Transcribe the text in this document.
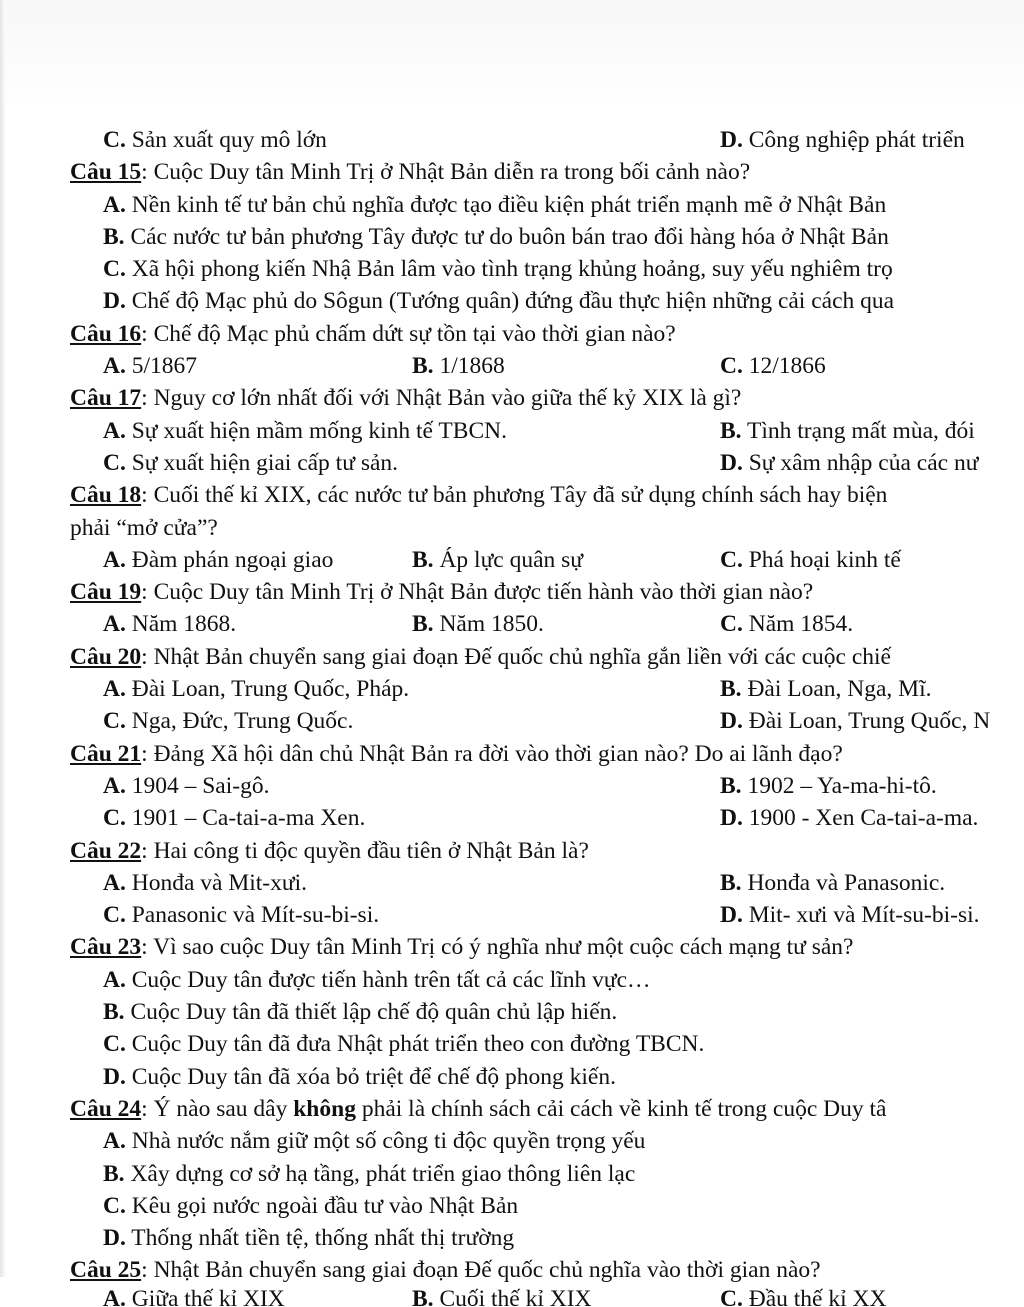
C. Sản xuất quy mô lớn	D. Công nghiệp phát triển
Câu 15: Cuộc Duy tân Minh Trị ở Nhật Bản diễn ra trong bối cảnh nào?
A. Nền kinh tế tư bản chủ nghĩa được tạo điều kiện phát triển mạnh mẽ ở Nhật Bản
B. Các nước tư bản phương Tây được tư do buôn bán trao đổi hàng hóa ở Nhật Bản
C. Xã hội phong kiến Nhậ Bản lâm vào tình trạng khủng hoảng, suy yếu nghiêm trọ
D. Chế độ Mạc phủ do Sôgun (Tướng quân) đứng đầu thực hiện những cải cách qua
Câu 16: Chế độ Mạc phủ chấm dứt sự tồn tại vào thời gian nào?
A. 5/1867	B. 1/1868	C. 12/1866
Câu 17: Nguy cơ lớn nhất đối với Nhật Bản vào giữa thế kỷ XIX là gì?
A. Sự xuất hiện mầm mống kinh tế TBCN.	B. Tình trạng mất mùa, đói
C. Sự xuất hiện giai cấp tư sản.	D. Sự xâm nhập của các nư
Câu 18: Cuối thế kỉ XIX, các nước tư bản phương Tây đã sử dụng chính sách hay biện
phải “mở cửa”?
A. Đàm phán ngoại giao	B. Áp lực quân sự	C. Phá hoại kinh tế
Câu 19: Cuộc Duy tân Minh Trị ở Nhật Bản được tiến hành vào thời gian nào?
A. Năm 1868.	B. Năm 1850.	C. Năm 1854.
Câu 20: Nhật Bản chuyển sang giai đoạn Đế quốc chủ nghĩa gắn liền với các cuộc chiế
A. Đài Loan, Trung Quốc, Pháp.	B. Đài Loan, Nga, Mĩ.
C. Nga, Đức, Trung Quốc.	D. Đài Loan, Trung Quốc, N
Câu 21: Đảng Xã hội dân chủ Nhật Bản ra đời vào thời gian nào? Do ai lãnh đạo?
A. 1904 – Sai-gô.	B. 1902 – Ya-ma-hi-tô.
C. 1901 – Ca-tai-a-ma Xen.	D. 1900 - Xen Ca-tai-a-ma.
Câu 22: Hai công ti độc quyền đầu tiên ở Nhật Bản là?
A. Honđa và Mit-xưi.	B. Honđa và Panasonic.
C. Panasonic và Mít-su-bi-si.	D. Mit- xưi và Mít-su-bi-si.
Câu 23: Vì sao cuộc Duy tân Minh Trị có ý nghĩa như một cuộc cách mạng tư sản?
A. Cuộc Duy tân được tiến hành trên tất cả các lĩnh vực…
B. Cuộc Duy tân đã thiết lập chế độ quân chủ lập hiến.
C. Cuộc Duy tân đã đưa Nhật phát triển theo con đường TBCN.
D. Cuộc Duy tân đã xóa bỏ triệt để chế độ phong kiến.
Câu 24: Ý nào sau dây không phải là chính sách cải cách về kinh tế trong cuộc Duy tâ
A. Nhà nước nắm giữ một số công ti độc quyền trọng yếu
B. Xây dựng cơ sở hạ tầng, phát triển giao thông liên lạc
C. Kêu gọi nước ngoài đầu tư vào Nhật Bản
D. Thống nhất tiền tệ, thống nhất thị trường
Câu 25: Nhật Bản chuyển sang giai đoạn Đế quốc chủ nghĩa vào thời gian nào?
A. Giữa thế kỉ XIX	B. Cuối thế kỉ XIX	C. Đầu thế kỉ XX
